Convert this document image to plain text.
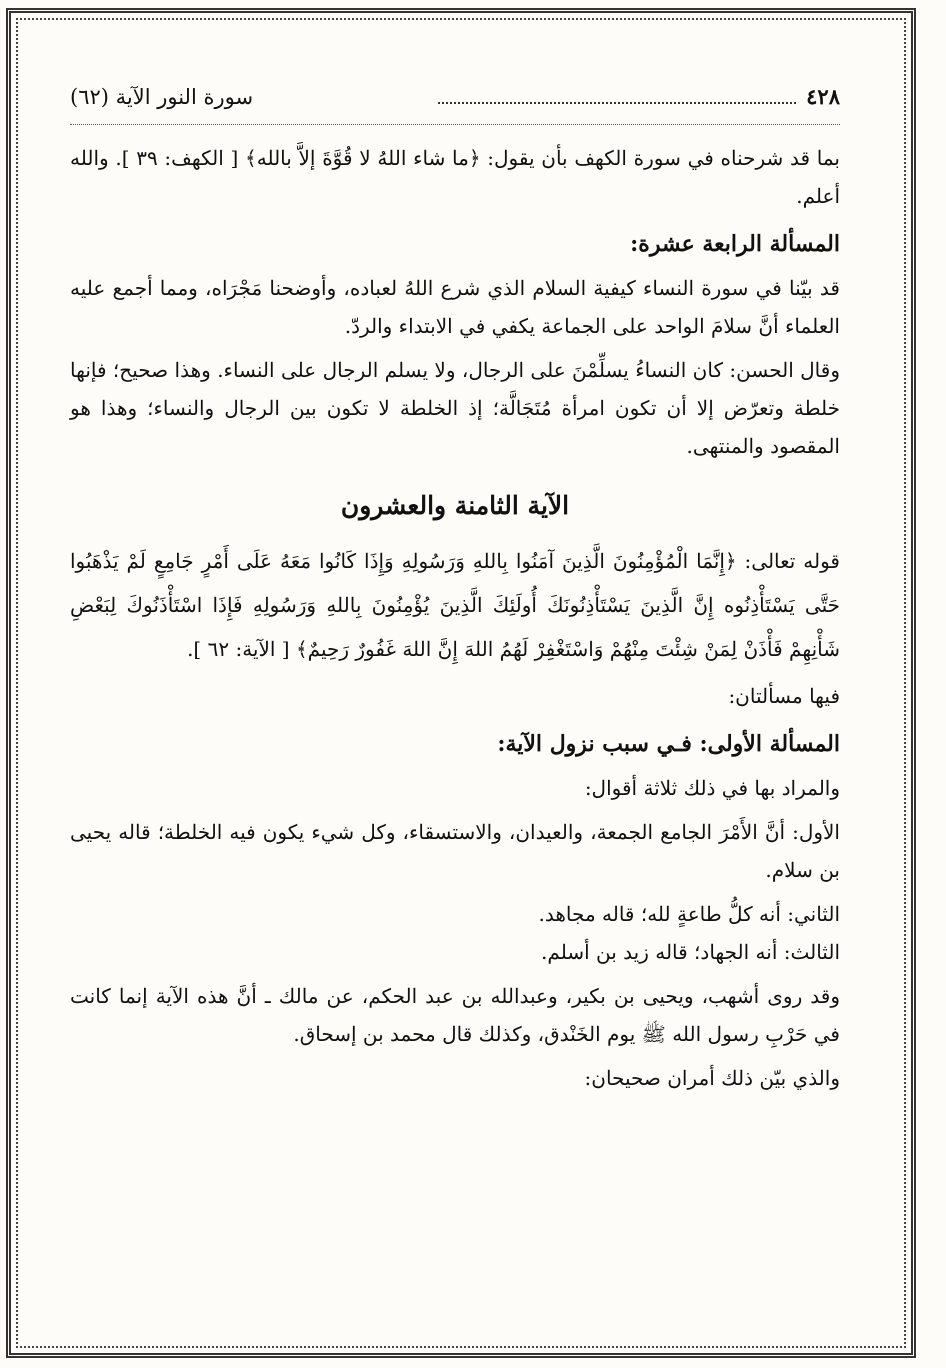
٤٢٨
سورة النور الآية (٦٢)

بما قد شرحناه في سورة الكهف بأن يقول: ﴿ما شاء اللهُ لا قُوَّةَ إلاَّ بالله﴾ [ الكهف: ٣٩ ]. والله أعلم.

المسألة الرابعة عشرة:

قد بيّنا في سورة النساء كيفية السلام الذي شرع اللهُ لعباده، وأوضحنا مَجْرَاه، ومما أجمع عليه العلماء أنَّ سلامَ الواحد على الجماعة يكفي في الابتداء والردّ.

وقال الحسن: كان النساءُ يسلِّمْنَ على الرجال، ولا يسلم الرجال على النساء. وهذا صحيح؛ فإنها خلطة وتعرّض إلا أن تكون امرأة مُتَجَالَّة؛ إذ الخلطة لا تكون بين الرجال والنساء؛ وهذا هو المقصود والمنتهى.

الآية الثامنة والعشرون

قوله تعالى: ﴿إِنَّمَا الْمُؤْمِنُونَ الَّذِينَ آمَنُوا بِاللهِ وَرَسُولِهِ وَإِذَا كَانُوا مَعَهُ عَلَى أَمْرٍ جَامِعٍ لَمْ يَذْهَبُوا حَتَّى يَسْتَأْذِنُوه إِنَّ الَّذِينَ يَسْتَأْذِنُونَكَ أُولَئِكَ الَّذِينَ يُؤْمِنُونَ بِاللهِ وَرَسُولِهِ فَإِذَا اسْتَأْذَنُوكَ لِبَعْضِ شَأْنِهِمْ فَأْذَنْ لِمَنْ شِئْتَ مِنْهُمْ وَاسْتَغْفِرْ لَهُمُ اللهَ إِنَّ اللهَ غَفُورٌ رَحِيمٌ﴾ [ الآية: ٦٢ ].

فيها مسألتان:

المسألة الأولى: فـي سبب نزول الآية:

والمراد بها في ذلك ثلاثة أقوال:

الأول: أنَّ الأَمْرَ الجامع الجمعة، والعيدان، والاستسقاء، وكل شيء يكون فيه الخلطة؛ قاله يحيى بن سلام.

الثاني: أنه كلُّ طاعةٍ لله؛ قاله مجاهد.

الثالث: أنه الجهاد؛ قاله زيد بن أسلم.

وقد روى أشهب، ويحيى بن بكير، وعبدالله بن عبد الحكم، عن مالك ـ أنَّ هذه الآية إنما كانت في حَرْبِ رسول الله ﷺ يوم الخَنْدق، وكذلك قال محمد بن إسحاق.

والذي بيّن ذلك أمران صحيحان:
